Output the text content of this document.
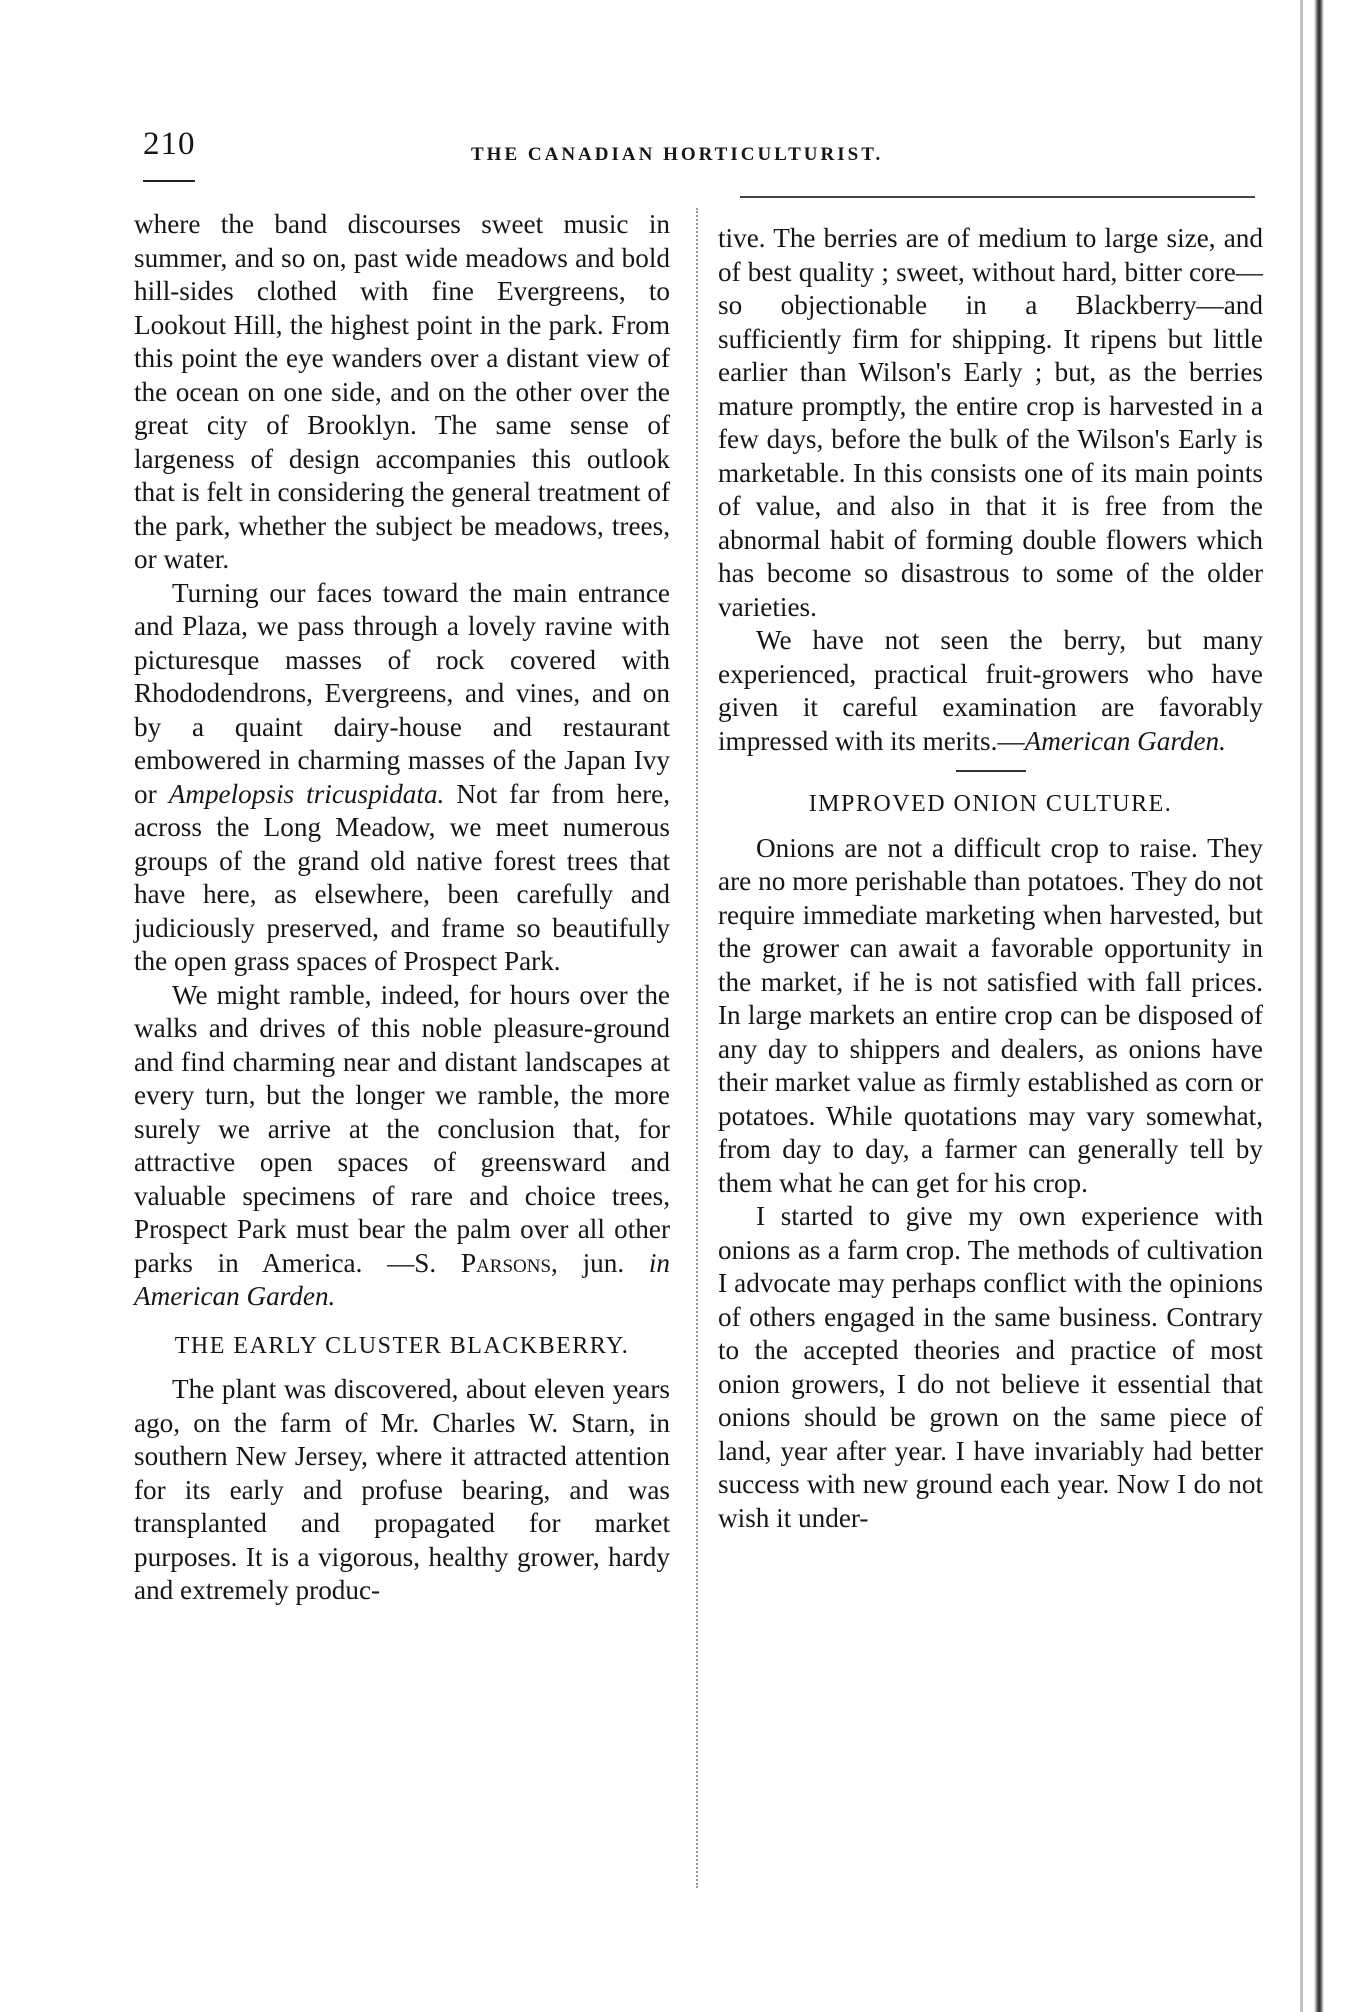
210	THE CANADIAN HORTICULTURIST.

where the band discourses sweet music in summer, and so on, past wide meadows and bold hill-sides clothed with fine Evergreens, to Lookout Hill, the highest point in the park. From this point the eye wanders over a distant view of the ocean on one side, and on the other over the great city of Brooklyn. The same sense of largeness of design accompanies this outlook that is felt in considering the general treatment of the park, whether the subject be meadows, trees, or water.

Turning our faces toward the main entrance and Plaza, we pass through a lovely ravine with picturesque masses of rock covered with Rhododendrons, Evergreens, and vines, and on by a quaint dairy-house and restaurant embowered in charming masses of the Japan Ivy or Ampelopsis tricuspidata. Not far from here, across the Long Meadow, we meet numerous groups of the grand old native forest trees that have here, as elsewhere, been carefully and judiciously preserved, and frame so beautifully the open grass spaces of Prospect Park.

We might ramble, indeed, for hours over the walks and drives of this noble pleasure-ground and find charming near and distant landscapes at every turn, but the longer we ramble, the more surely we arrive at the conclusion that, for attractive open spaces of greensward and valuable specimens of rare and choice trees, Prospect Park must bear the palm over all other parks in America. —S. Parsons, jun. in American Garden.

THE EARLY CLUSTER BLACKBERRY.

The plant was discovered, about eleven years ago, on the farm of Mr. Charles W. Starn, in southern New Jersey, where it attracted attention for its early and profuse bearing, and was transplanted and propagated for market purposes. It is a vigorous, healthy grower, hardy and extremely produc-

tive. The berries are of medium to large size, and of best quality ; sweet, without hard, bitter core—so objectionable in a Blackberry—and sufficiently firm for shipping. It ripens but little earlier than Wilson's Early ; but, as the berries mature promptly, the entire crop is harvested in a few days, before the bulk of the Wilson's Early is marketable. In this consists one of its main points of value, and also in that it is free from the abnormal habit of forming double flowers which has become so disastrous to some of the older varieties.

We have not seen the berry, but many experienced, practical fruit-growers who have given it careful examination are favorably impressed with its merits.—American Garden.

IMPROVED ONION CULTURE.

Onions are not a difficult crop to raise. They are no more perishable than potatoes. They do not require immediate marketing when harvested, but the grower can await a favorable opportunity in the market, if he is not satisfied with fall prices. In large markets an entire crop can be disposed of any day to shippers and dealers, as onions have their market value as firmly established as corn or potatoes. While quotations may vary somewhat, from day to day, a farmer can generally tell by them what he can get for his crop.

I started to give my own experience with onions as a farm crop. The methods of cultivation I advocate may perhaps conflict with the opinions of others engaged in the same business. Contrary to the accepted theories and practice of most onion growers, I do not believe it essential that onions should be grown on the same piece of land, year after year. I have invariably had better success with new ground each year. Now I do not wish it under-
